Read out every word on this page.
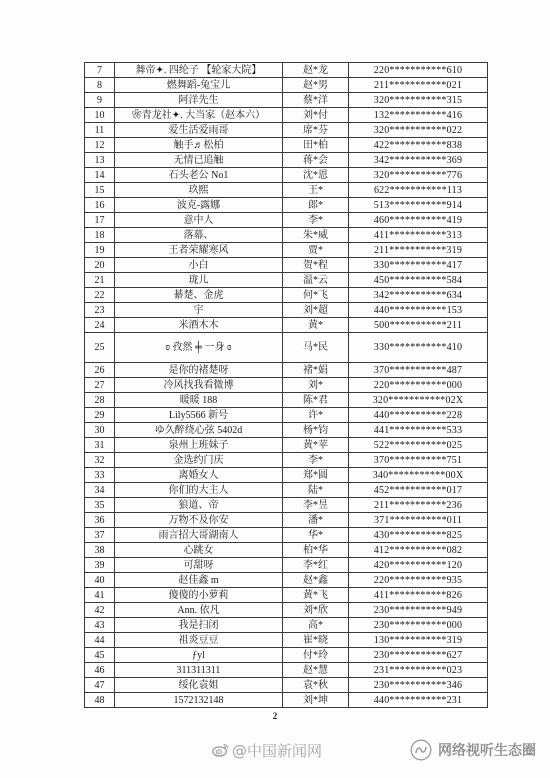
7	舞帝✦. 四纶子 【轮家大院】	赵*龙	220***********610
8	燃舞蹈-兔宝儿	赵*男	211***********021
9	阿洋先生	蔡*洋	320***********315
10	❀青龙社✦. 大当家（赵本六）	刘*付	132***********416
11	爱生活爱雨哥	席*芬	320***********022
12	触手♬松柏	田*柏	422***********838
13	无情已追触	蒋*会	342***********369
14	石头老公 No1	沈*恩	320***********776
15	玖熙	王*	622***********113
16	波克-露娜	郎*	513***********914
17	意中人	李*	460***********419
18	落幕、	朱*威	411***********313
19	王者荣耀寒风	贾*	211***********319
20	小白	贺*程	330***********417
21	珑儿	温*云	450***********584
22	綦楚、金虎	何*飞	342***********634
23	宇	刘*超	440***********153
24	米酒木木	黄*	500***********211
25	ʚ 孜然 ╪ 一身 ɞ	马*民	330***********410
26	是你的褚楚呀	褚*娟	370***********487
27	冷风找我看微博	刘*	220***********000
28	暖暖 188	陈*君	320***********02X
29	Lily5566 新号	许*	440***********228
30	ゆ久醉绕心弦 5402d	杨*钧	441***********533
31	泉州上班妹子	黄*苹	522***********025
32	金选约门庆	李*	370***********751
33	离婚女人	郑*圆	340***********00X
34	你们的大主人	陆*	452***********017
35	狼道、帝	李*昱	211***********236
36	万物不及你安	潘*	371***********011
37	雨言招大哥湖南人	华*	430***********825
38	心跳女	柏*华	412***********082
39	可甜呀	李*红	420***********120
40	赵佳鑫 m	赵*鑫	220***********935
41	傻傻的小萝莉	黄*飞	411***********826
42	Ann. 依凡	刘*欣	230***********949
43	我是扫闭	高*	230***********000
44	祖炎豆豆	崔*晓	130***********319
45	ƒyl	付*玲	230***********627
46	311311311	赵*慧	231***********023
47	绥化袁姐	袁*秋	230***********346
48	1572132148	刘*坤	440***********231
2
@中国新闻网	网络视听生态圈
